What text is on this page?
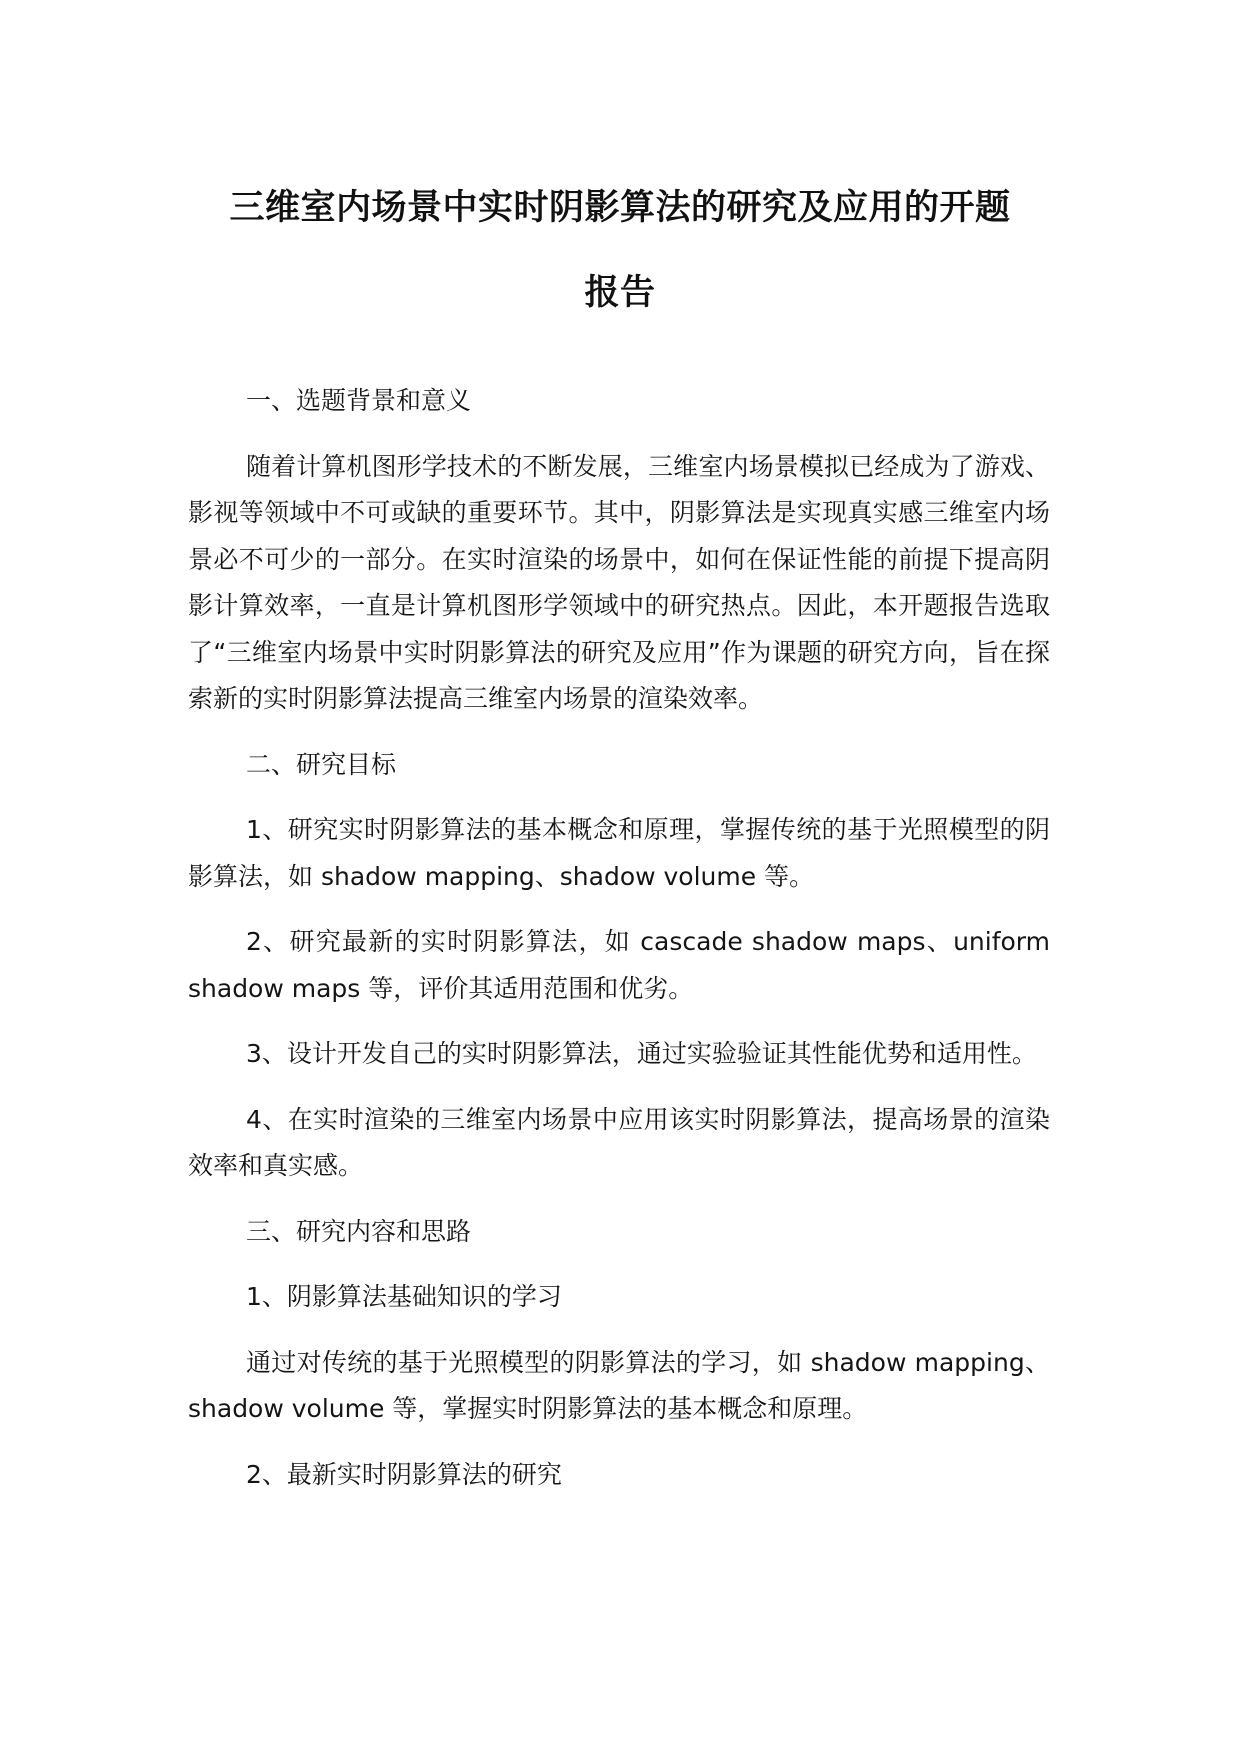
三维室内场景中实时阴影算法的研究及应用的开题
报告

一、选题背景和意义

随着计算机图形学技术的不断发展，三维室内场景模拟已经成为了游戏、影视等领域中不可或缺的重要环节。其中，阴影算法是实现真实感三维室内场景必不可少的一部分。在实时渲染的场景中，如何在保证性能的前提下提高阴影计算效率，一直是计算机图形学领域中的研究热点。因此，本开题报告选取了“三维室内场景中实时阴影算法的研究及应用”作为课题的研究方向，旨在探索新的实时阴影算法提高三维室内场景的渲染效率。

二、研究目标

1、研究实时阴影算法的基本概念和原理，掌握传统的基于光照模型的阴影算法，如 shadow mapping、shadow volume 等。

2、研究最新的实时阴影算法，如 cascade shadow maps、uniform shadow maps 等，评价其适用范围和优劣。

3、设计开发自己的实时阴影算法，通过实验验证其性能优势和适用性。

4、在实时渲染的三维室内场景中应用该实时阴影算法，提高场景的渲染效率和真实感。

三、研究内容和思路

1、阴影算法基础知识的学习

通过对传统的基于光照模型的阴影算法的学习，如 shadow mapping、shadow volume 等，掌握实时阴影算法的基本概念和原理。

2、最新实时阴影算法的研究
